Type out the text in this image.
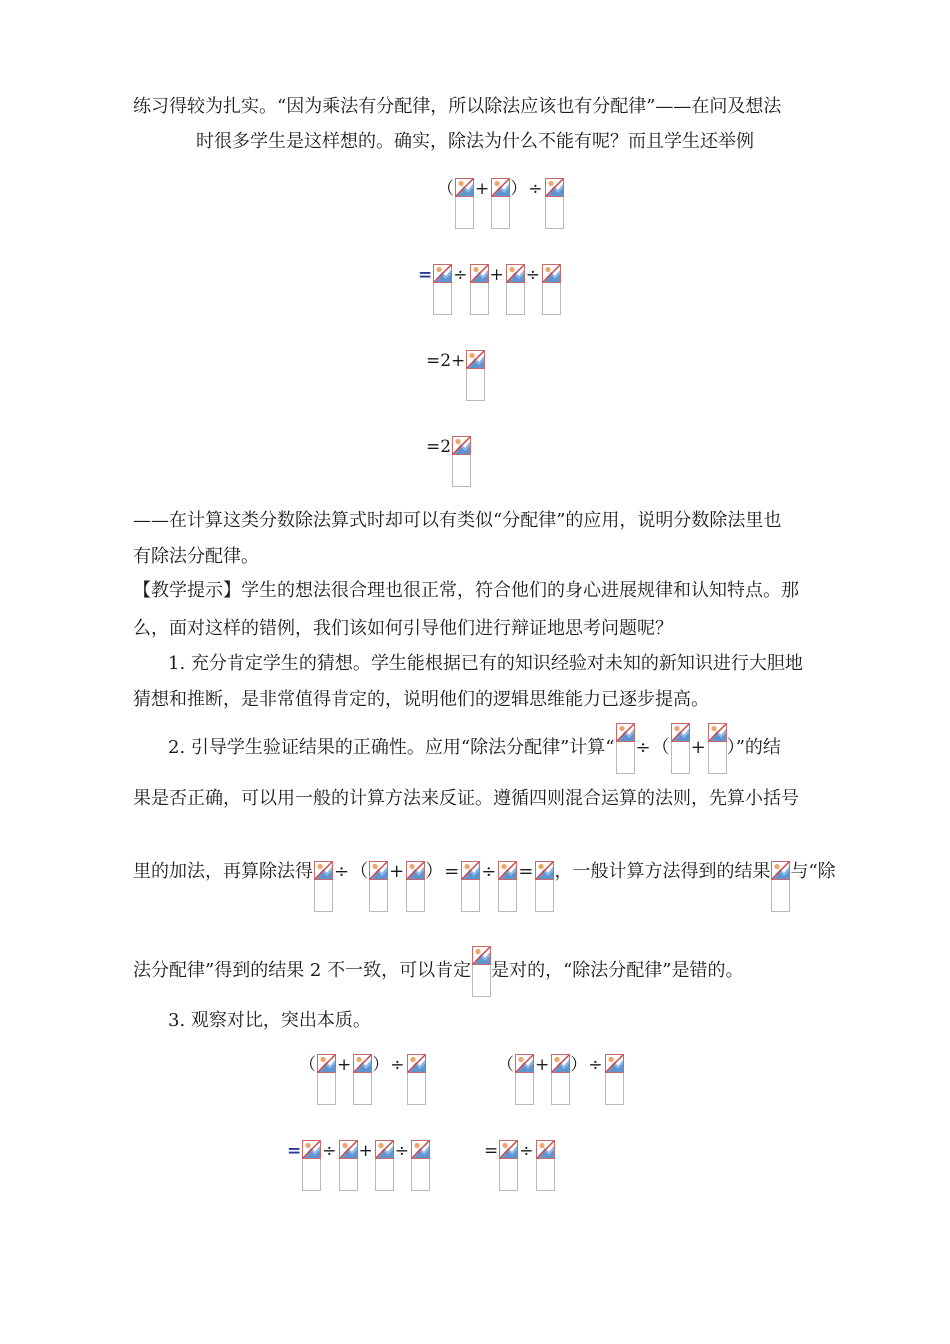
练习得较为扎实。“因为乘法有分配律，所以除法应该也有分配律”——在问及想法
时很多学生是这样想的。确实，除法为什么不能有呢？而且学生还举例
（ + ）÷
= ÷ + ÷
=2+
=2
——在计算这类分数除法算式时却可以有类似“分配律”的应用，说明分数除法里也
有除法分配律。
【教学提示】学生的想法很合理也很正常，符合他们的身心进展规律和认知特点。那
么，面对这样的错例，我们该如何引导他们进行辩证地思考问题呢？
1. 充分肯定学生的猜想。学生能根据已有的知识经验对未知的新知识进行大胆地
猜想和推断，是非常值得肯定的，说明他们的逻辑思维能力已逐步提高。
2. 引导学生验证结果的正确性。应用“除法分配律”计算“ ÷（ + ）”的结
果是否正确，可以用一般的计算方法来反证。遵循四则混合运算的法则，先算小括号
里的加法，再算除法得 ÷（ + ）= ÷ = ，一般计算方法得到的结果 与“除
法分配律”得到的结果 2 不一致，可以肯定 是对的，“除法分配律”是错的。
3. 观察对比，突出本质。
（ + ）÷
= ÷ + ÷
（ + ）÷
= ÷
